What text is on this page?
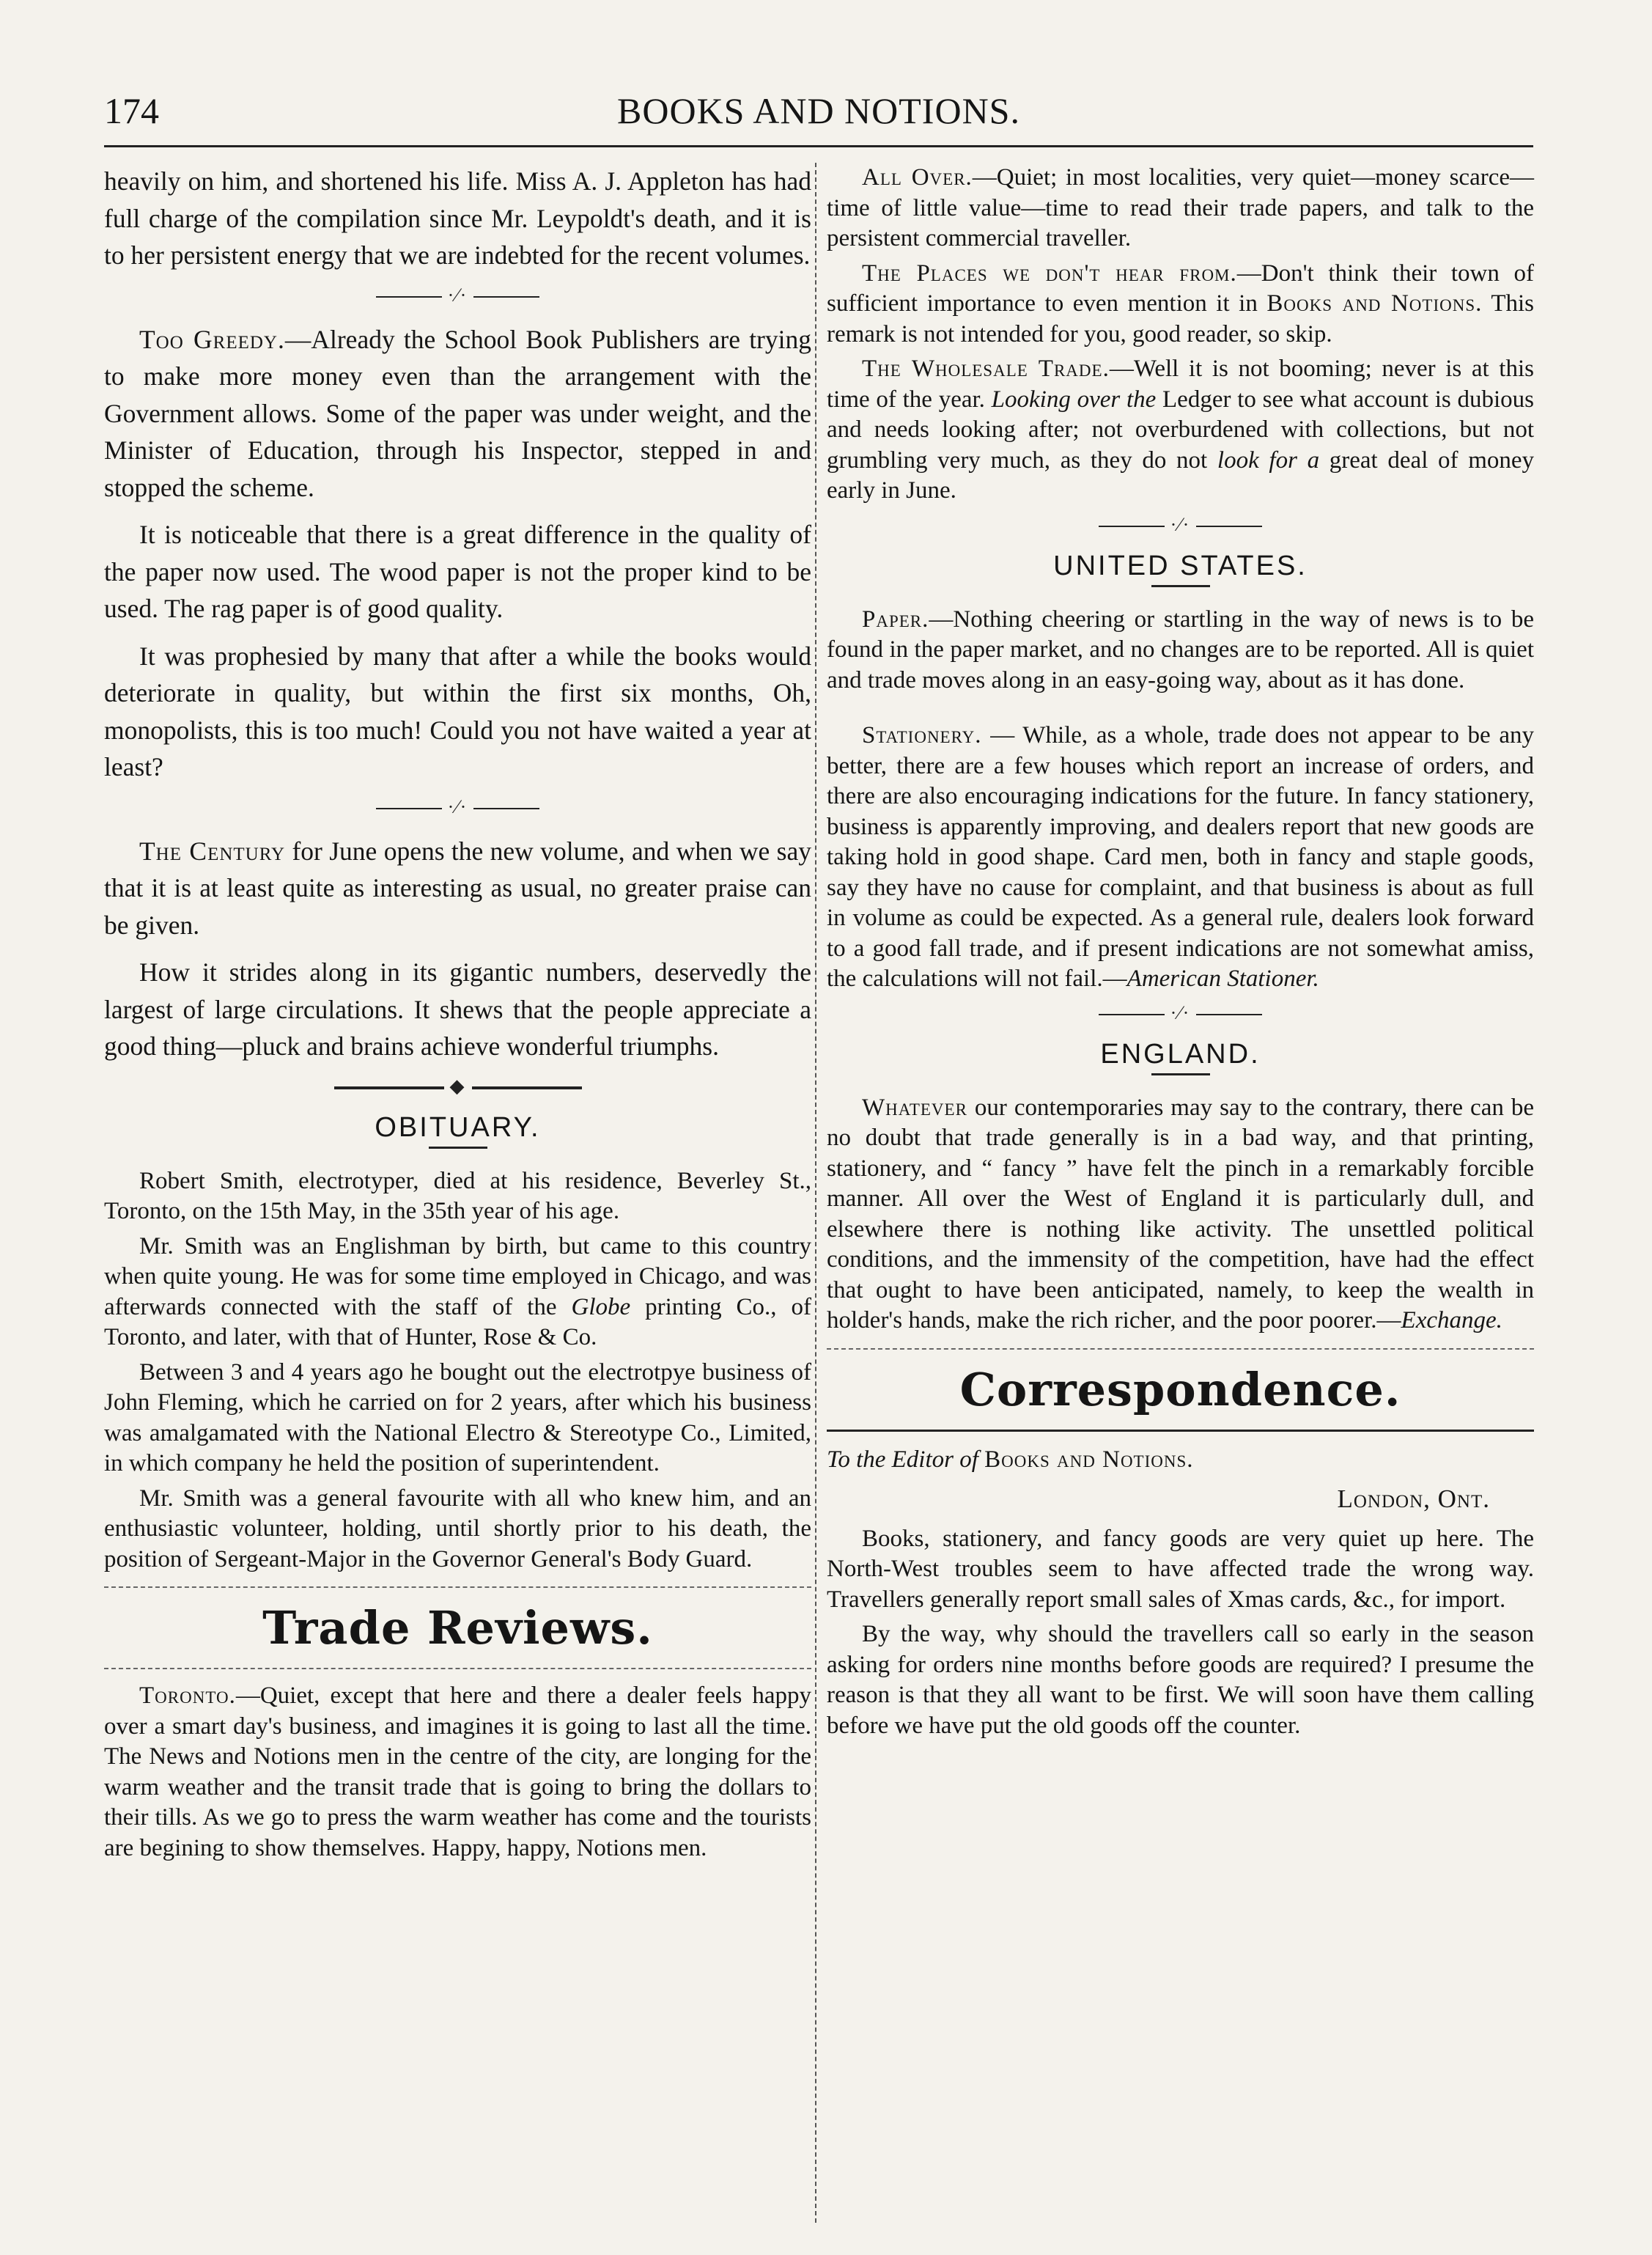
174	BOOKS AND NOTIONS.

heavily on him, and shortened his life. Miss A. J. Appleton has had full charge of the compilation since Mr. Leypoldt's death, and it is to her persistent energy that we are indebted for the recent volumes.

·⁄·

Too Greedy.—Already the School Book Publishers are trying to make more money even than the arrangement with the Government allows. Some of the paper was under weight, and the Minister of Education, through his Inspector, stepped in and stopped the scheme.

It is noticeable that there is a great difference in the quality of the paper now used. The wood paper is not the proper kind to be used. The rag paper is of good quality.

It was prophesied by many that after a while the books would deteriorate in quality, but within the first six months, Oh, monopolists, this is too much! Could you not have waited a year at least?

·⁄·

The Century for June opens the new volume, and when we say that it is at least quite as interesting as usual, no greater praise can be given.

How it strides along in its gigantic numbers, deservedly the largest of large circulations. It shews that the people appreciate a good thing—pluck and brains achieve wonderful triumphs.

◆
OBITUARY.

Robert Smith, electrotyper, died at his residence, Beverley St., Toronto, on the 15th May, in the 35th year of his age.

Mr. Smith was an Englishman by birth, but came to this country when quite young. He was for some time employed in Chicago, and was afterwards connected with the staff of the Globe printing Co., of Toronto, and later, with that of Hunter, Rose & Co.

Between 3 and 4 years ago he bought out the electrotpye business of John Fleming, which he carried on for 2 years, after which his business was amalgamated with the National Electro & Stereotype Co., Limited, in which company he held the position of superintendent.

Mr. Smith was a general favourite with all who knew him, and an enthusiastic volunteer, holding, until shortly prior to his death, the position of Sergeant-Major in the Governor General's Body Guard.

Trade Reviews.

Toronto.—Quiet, except that here and there a dealer feels happy over a smart day's business, and imagines it is going to last all the time. The News and Notions men in the centre of the city, are longing for the warm weather and the transit trade that is going to bring the dollars to their tills. As we go to press the warm weather has come and the tourists are begining to show themselves. Happy, happy, Notions men.

All Over.—Quiet; in most localities, very quiet—money scarce—time of little value—time to read their trade papers, and talk to the persistent commercial traveller.

The Places we don't hear from.—Don't think their town of sufficient importance to even mention it in Books and Notions. This remark is not intended for you, good reader, so skip.

The Wholesale Trade.—Well it is not booming; never is at this time of the year. Looking over the Ledger to see what account is dubious and needs looking after; not overburdened with collections, but not grumbling very much, as they do not look for a great deal of money early in June.

·⁄·
UNITED STATES.

Paper.—Nothing cheering or startling in the way of news is to be found in the paper market, and no changes are to be reported. All is quiet and trade moves along in an easy-going way, about as it has done.

Stationery. — While, as a whole, trade does not appear to be any better, there are a few houses which report an increase of orders, and there are also encouraging indications for the future. In fancy stationery, business is apparently improving, and dealers report that new goods are taking hold in good shape. Card men, both in fancy and staple goods, say they have no cause for complaint, and that business is about as full in volume as could be expected. As a general rule, dealers look forward to a good fall trade, and if present indications are not somewhat amiss, the calculations will not fail.—American Stationer.

·⁄·
ENGLAND.

Whatever our contemporaries may say to the contrary, there can be no doubt that trade generally is in a bad way, and that printing, stationery, and “ fancy ” have felt the pinch in a remarkably forcible manner. All over the West of England it is particularly dull, and elsewhere there is nothing like activity. The unsettled political conditions, and the immensity of the competition, have had the effect that ought to have been anticipated, namely, to keep the wealth in holder's hands, make the rich richer, and the poor poorer.—Exchange.

Correspondence.

To the Editor of Books and Notions.

London, Ont.

Books, stationery, and fancy goods are very quiet up here. The North-West troubles seem to have affected trade the wrong way. Travellers generally report small sales of Xmas cards, &c., for import.

By the way, why should the travellers call so early in the season asking for orders nine months before goods are required? I presume the reason is that they all want to be first. We will soon have them calling before we have put the old goods off the counter.
